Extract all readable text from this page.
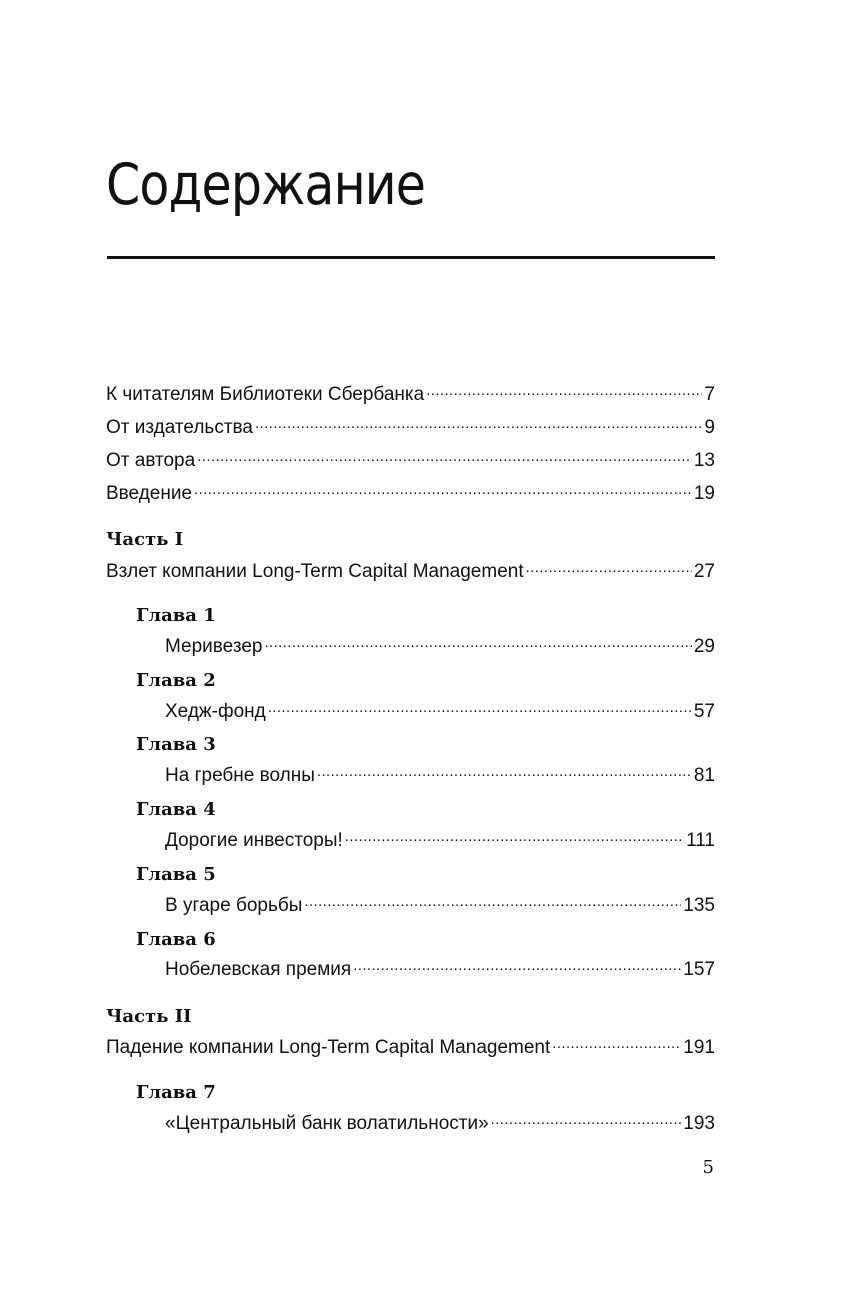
Содержание
К читателям Библиотеки Сбербанка .....	7
От издательства .....	9
От автора .....	13
Введение .....	19
Часть I
Взлет компании Long-Term Capital Management .....	27
Глава 1
Меривезер .....	29
Глава 2
Хедж-фонд .....	57
Глава 3
На гребне волны .....	81
Глава 4
Дорогие инвесторы! .....	111
Глава 5
В угаре борьбы .....	135
Глава 6
Нобелевская премия .....	157
Часть II
Падение компании Long-Term Capital Management .....	191
Глава 7
«Центральный банк волатильности» .....	193
5
